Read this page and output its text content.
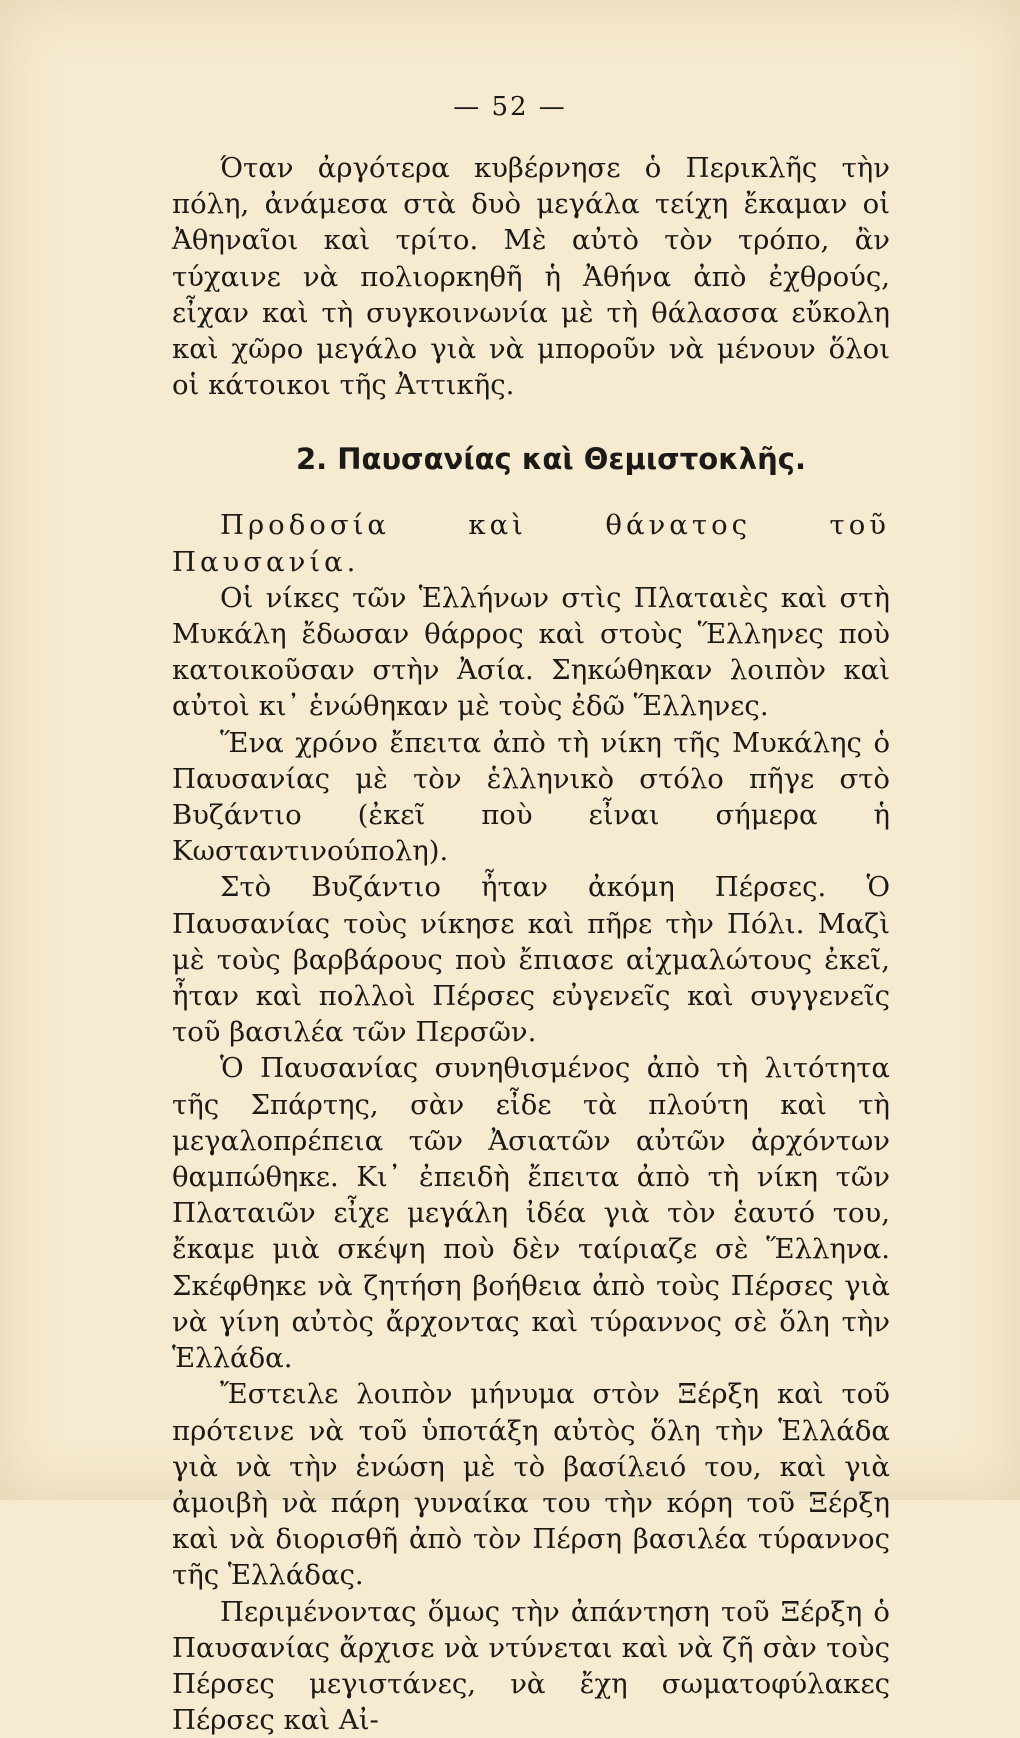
— 52 —

Όταν ἀργότερα κυβέρνησε ὁ Περικλῆς τὴν πόλη, ἀνάμεσα στὰ δυὸ μεγάλα τείχη ἔκαμαν οἱ Ἀθηναῖοι καὶ τρίτο. Μὲ αὐτὸ τὸν τρόπο, ἂν τύχαινε νὰ πολιορκηθῆ ἡ Ἀθήνα ἀπὸ ἐχθρούς, εἶχαν καὶ τὴ συγκοινωνία μὲ τὴ θάλασσα εὔκολη καὶ χῶρο μεγάλο γιὰ νὰ μποροῦν νὰ μένουν ὅλοι οἱ κάτοικοι τῆς Ἀττικῆς.

2. Παυσανίας καὶ Θεμιστοκλῆς.

Προδοσία καὶ θάνατος τοῦ Παυσανία.

Οἱ νίκες τῶν Ἑλλήνων στὶς Πλαταιὲς καὶ στὴ Μυκάλη ἔδωσαν θάρρος καὶ στοὺς Ἕλληνες ποὺ κατοικοῦσαν στὴν Ἀσία. Σηκώθηκαν λοιπὸν καὶ αὐτοὶ κι᾽ ἑνώθηκαν μὲ τοὺς ἐδῶ Ἕλληνες.

Ἕνα χρόνο ἔπειτα ἀπὸ τὴ νίκη τῆς Μυκάλης ὁ Παυσανίας μὲ τὸν ἑλληνικὸ στόλο πῆγε στὸ Βυζάντιο (ἐκεῖ ποὺ εἶναι σήμερα ἡ Κωσταντινούπολη).

Στὸ Βυζάντιο ἦταν ἀκόμη Πέρσες. Ὁ Παυσανίας τοὺς νίκησε καὶ πῆρε τὴν Πόλι. Μαζὶ μὲ τοὺς βαρβάρους ποὺ ἔπιασε αἰχμαλώτους ἐκεῖ, ἦταν καὶ πολλοὶ Πέρσες εὐγενεῖς καὶ συγγενεῖς τοῦ βασιλέα τῶν Περσῶν.

Ὁ Παυσανίας συνηθισμένος ἀπὸ τὴ λιτότητα τῆς Σπάρτης, σὰν εἶδε τὰ πλούτη καὶ τὴ μεγαλοπρέπεια τῶν Ἀσιατῶν αὐτῶν ἀρχόντων θαμπώθηκε. Κι᾽ ἐπειδὴ ἔπειτα ἀπὸ τὴ νίκη τῶν Πλαταιῶν εἶχε μεγάλη ἰδέα γιὰ τὸν ἑαυτό του, ἔκαμε μιὰ σκέψη ποὺ δὲν ταίριαζε σὲ Ἕλληνα. Σκέφθηκε νὰ ζητήση βοήθεια ἀπὸ τοὺς Πέρσες γιὰ νὰ γίνη αὐτὸς ἄρχοντας καὶ τύραννος σὲ ὅλη τὴν Ἑλλάδα.

Ἔστειλε λοιπὸν μήνυμα στὸν Ξέρξη καὶ τοῦ πρότεινε νὰ τοῦ ὑποτάξη αὐτὸς ὅλη τὴν Ἑλλάδα γιὰ νὰ τὴν ἑνώση μὲ τὸ βασίλειό του, καὶ γιὰ ἀμοιβὴ νὰ πάρη γυναίκα του τὴν κόρη τοῦ Ξέρξη καὶ νὰ διορισθῆ ἀπὸ τὸν Πέρση βασιλέα τύραννος τῆς Ἑλλάδας.

Περιμένοντας ὅμως τὴν ἀπάντηση τοῦ Ξέρξη ὁ Παυσανίας ἄρχισε νὰ ντύνεται καὶ νὰ ζῆ σὰν τοὺς Πέρσες μεγιστάνες, νὰ ἔχη σωματοφύλακες Πέρσες καὶ Αἰ-
